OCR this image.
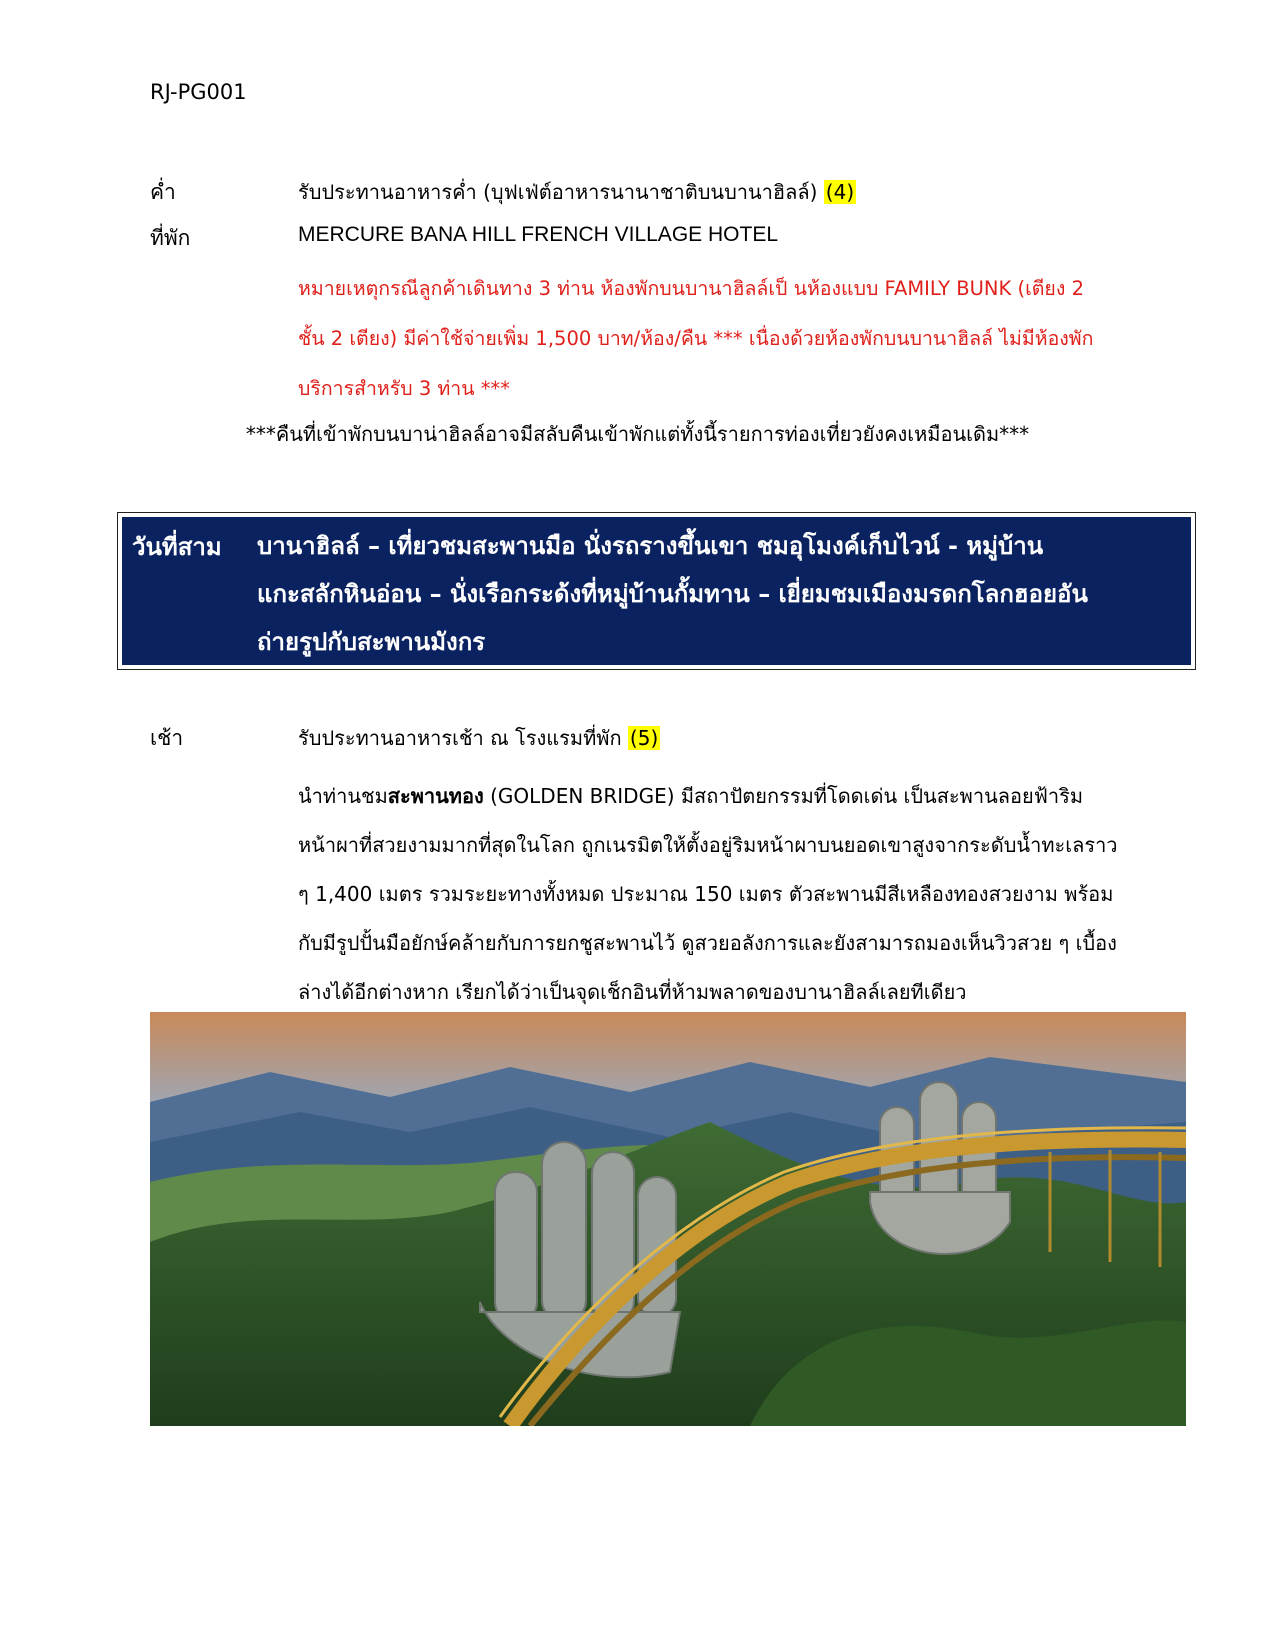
RJ-PG001
ค่ำ	รับประทานอาหารค่ำ (บุฟเฟ่ต์อาหารนานาชาติบนบานาฮิลล์) (4)
ที่พัก	MERCURE BANA HILL FRENCH VILLAGE HOTEL

หมายเหตุกรณีลูกค้าเดินทาง 3 ท่าน ห้องพักบนบานาฮิลล์เป็ นห้องแบบ FAMILY BUNK (เตียง 2

ชั้น 2 เตียง) มีค่าใช้จ่ายเพิ่ม 1,500 บาท/ห้อง/คืน *** เนื่องด้วยห้องพักบนบานาฮิลล์ ไม่มีห้องพัก

บริการสำหรับ 3 ท่าน ***

***คืนที่เข้าพักบนบาน่าฮิลล์อาจมีสลับคืนเข้าพักแต่ทั้งนี้รายการท่องเที่ยวยังคงเหมือนเดิม***
วันที่สาม บานาฮิลล์ – เที่ยวชมสะพานมือ นั่งรถรางขึ้นเขา ชมอุโมงค์เก็บไวน์ - หมู่บ้าน

แกะสลักหินอ่อน – นั่งเรือกระด้งที่หมู่บ้านกั้มทาน – เยี่ยมชมเมืองมรดกโลกฮอยอัน

ถ่ายรูปกับสะพานมังกร

เช้า	รับประทานอาหารเช้า ณ โรงแรมที่พัก (5)

นำท่านชมสะพานทอง (GOLDEN BRIDGE) มีสถาปัตยกรรมที่โดดเด่น เป็นสะพานลอยฟ้าริม

หน้าผาที่สวยงามมากที่สุดในโลก ถูกเนรมิตให้ตั้งอยู่ริมหน้าผาบนยอดเขาสูงจากระดับน้ำทะเลราว

ๆ 1,400 เมตร รวมระยะทางทั้งหมด ประมาณ 150 เมตร ตัวสะพานมีสีเหลืองทองสวยงาม พร้อม

กับมีรูปปั้นมือยักษ์คล้ายกับการยกชูสะพานไว้ ดูสวยอลังการและยังสามารถมองเห็นวิวสวย ๆ เบื้อง

ล่างได้อีกต่างหาก เรียกได้ว่าเป็นจุดเช็กอินที่ห้ามพลาดของบานาฮิลล์เลยทีเดียว
